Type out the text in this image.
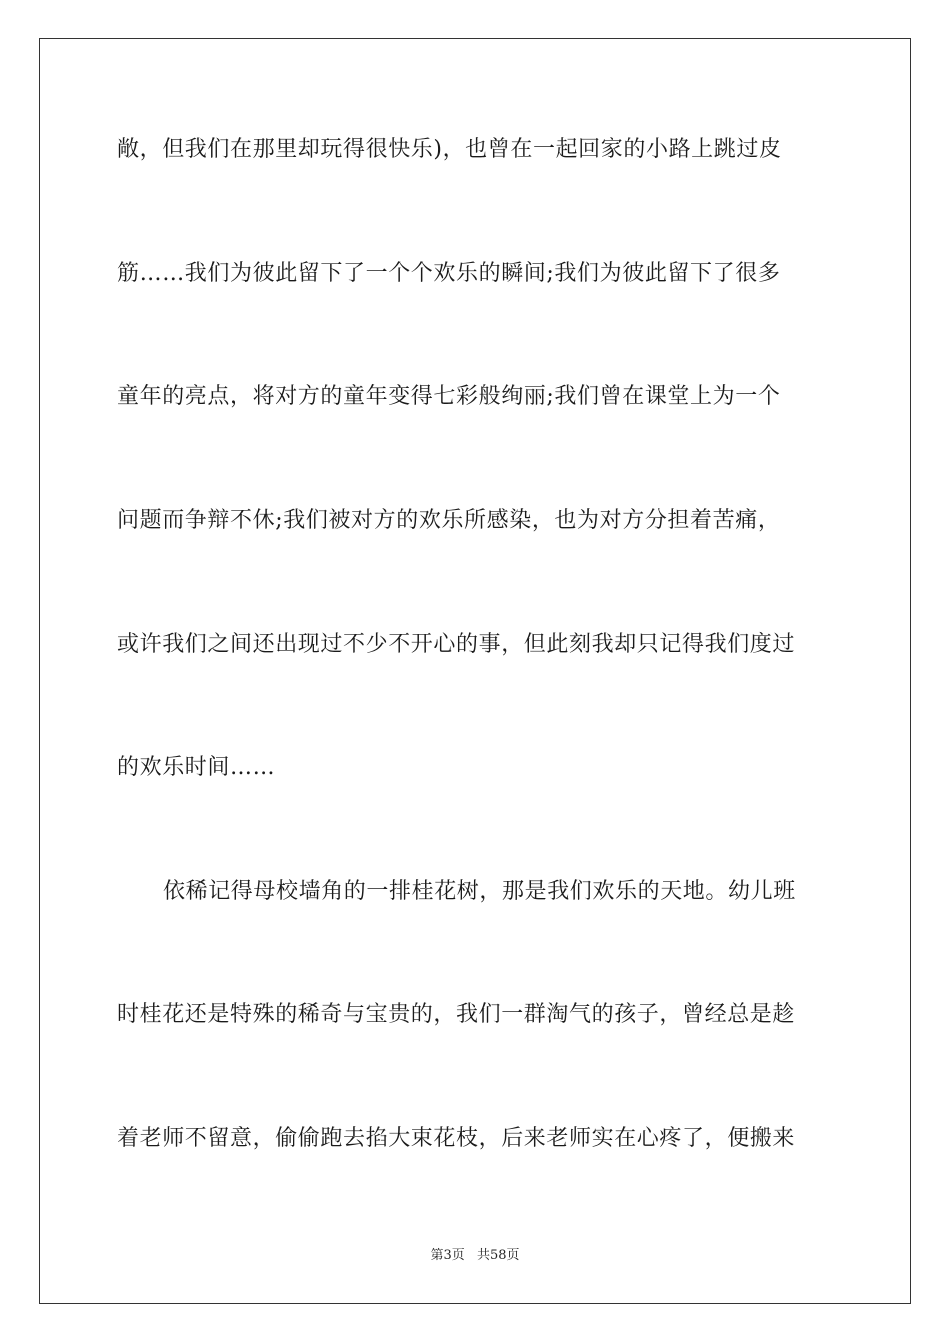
敞，但我们在那里却玩得很快乐)，也曾在一起回家的小路上跳过皮
筋……我们为彼此留下了一个个欢乐的瞬间;我们为彼此留下了很多
童年的亮点，将对方的童年变得七彩般绚丽;我们曾在课堂上为一个
问题而争辩不休;我们被对方的欢乐所感染，也为对方分担着苦痛，
或许我们之间还出现过不少不开心的事，但此刻我却只记得我们度过
的欢乐时间……
依稀记得母校墙角的一排桂花树，那是我们欢乐的天地。幼儿班
时桂花还是特殊的稀奇与宝贵的，我们一群淘气的孩子，曾经总是趁
着老师不留意，偷偷跑去掐大束花枝，后来老师实在心疼了，便搬来
第3页 共58页
